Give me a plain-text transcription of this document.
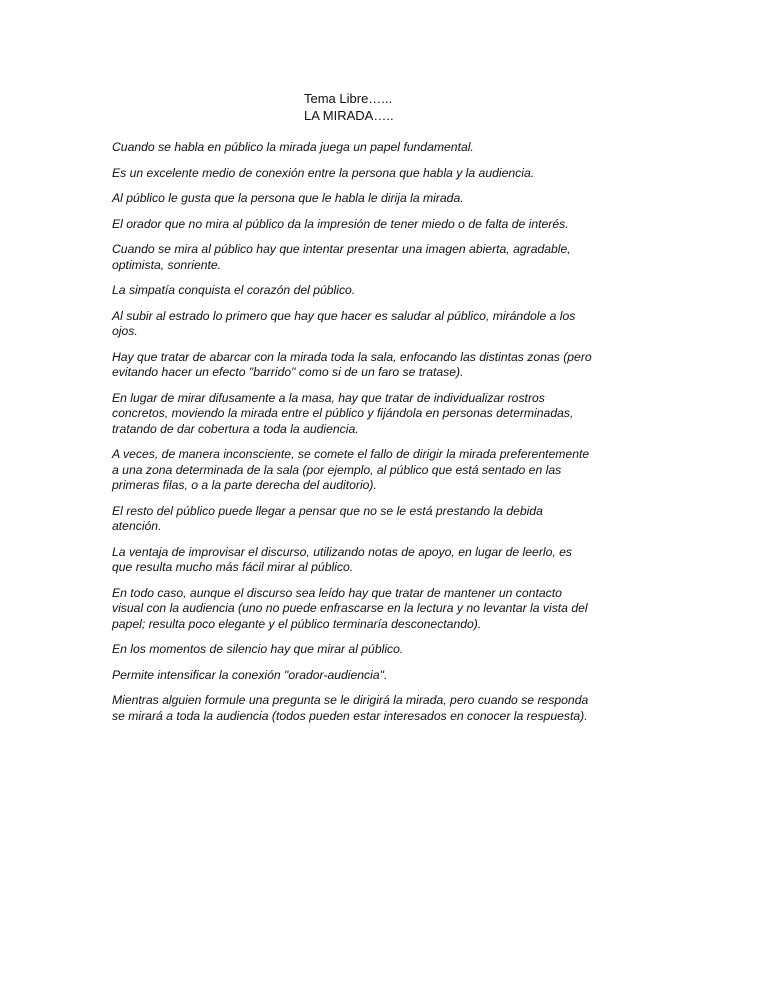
Tema Libre…...
LA MIRADA…..

Cuando se habla en público la mirada juega un papel fundamental.

Es un excelente medio de conexión entre la persona que habla y la audiencia.

Al público le gusta que la persona que le habla le dirija la mirada.

El orador que no mira al público da la impresión de tener miedo o de falta de interés.

Cuando se mira al público hay que intentar presentar una imagen abierta, agradable, optimista, sonriente.

La simpatía conquista el corazón del público.

Al subir al estrado lo primero que hay que hacer es saludar al público, mirándole a los ojos.

Hay que tratar de abarcar con la mirada toda la sala, enfocando las distintas zonas (pero evitando hacer un efecto "barrido" como si de un faro se tratase).

En lugar de mirar difusamente a la masa, hay que tratar de individualizar rostros concretos, moviendo la mirada entre el público y fijándola en personas determinadas, tratando de dar cobertura a toda la audiencia.

A veces, de manera inconsciente, se comete el fallo de dirigir la mirada preferentemente a una zona determinada de la sala (por ejemplo, al público que está sentado en las primeras filas, o a la parte derecha del auditorio).

El resto del público puede llegar a pensar que no se le está prestando la debida atención.

La ventaja de improvisar el discurso, utilizando notas de apoyo, en lugar de leerlo, es que resulta mucho más fácil mirar al público.

En todo caso, aunque el discurso sea leído hay que tratar de mantener un contacto visual con la audiencia (uno no puede enfrascarse en la lectura y no levantar la vista del papel; resulta poco elegante y el público terminaría desconectando).

En los momentos de silencio hay que mirar al público.

Permite intensificar la conexión "orador-audiencia".

Mientras alguien formule una pregunta se le dirigirá la mirada, pero cuando se responda se mirará a toda la audiencia (todos pueden estar interesados en conocer la respuesta).
